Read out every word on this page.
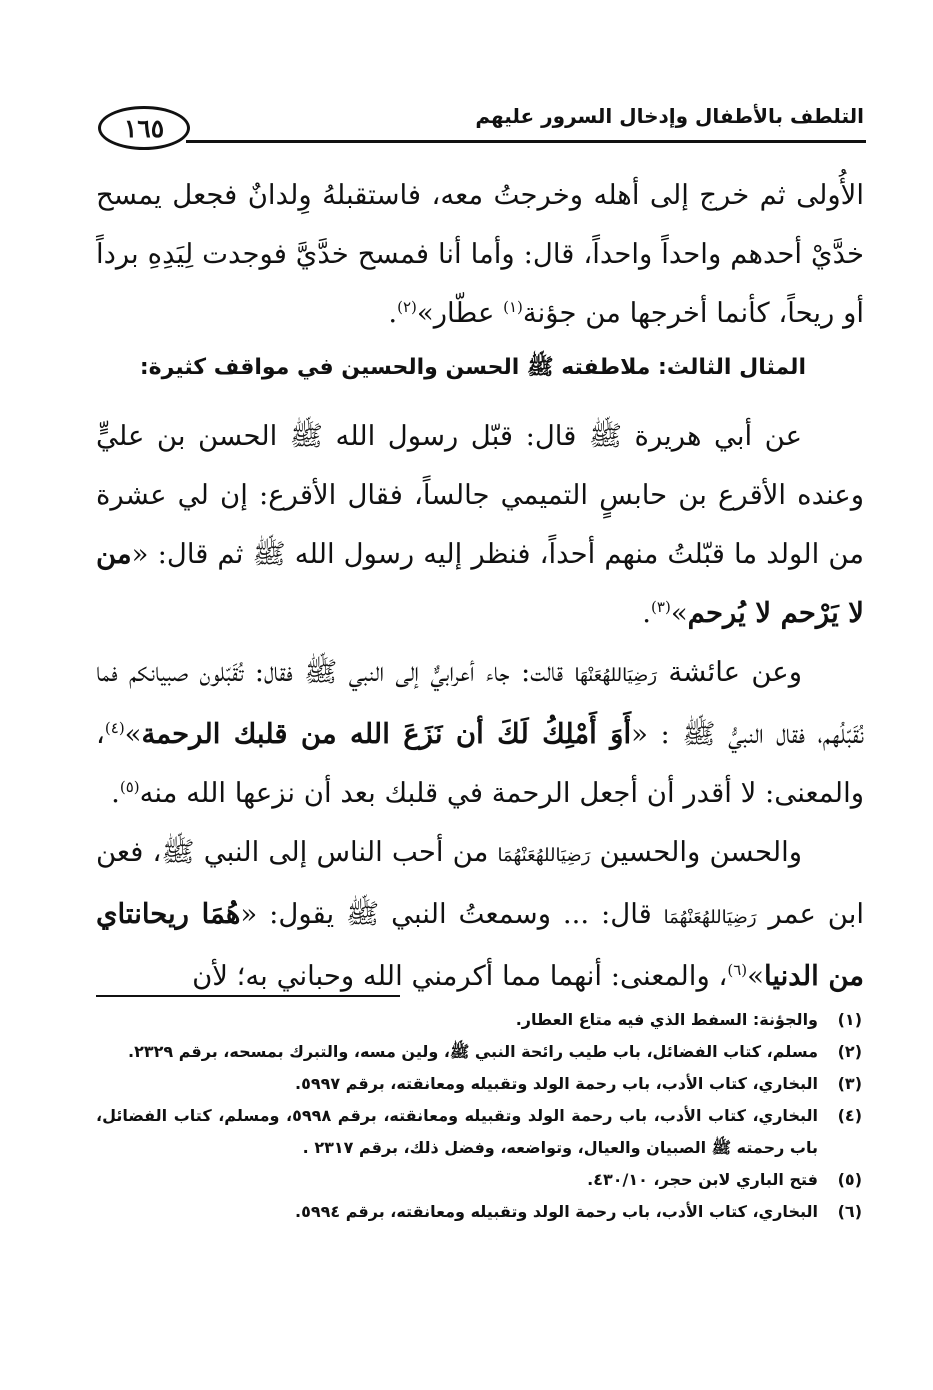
التلطف بالأطفال وإدخال السرور عليهم
١٦٥

الأُولى ثم خرج إلى أهله وخرجتُ معه، فاستقبلهُ وِلدانٌ فجعل يمسح خدَّيْ أحدهم واحداً واحداً، قال: وأما أنا فمسح خدَّيَّ فوجدت لِيَدِهِ برداً أو ريحاً، كأنما أخرجها من جؤنة$^{(١)}$ عطّار»$^{(٢)}$.

المثال الثالث: ملاطفته ﷺ الحسن والحسين في مواقف كثيرة:

عن أبي هريرة ﷺ قال: قبّل رسول الله ﷺ الحسن بن عليٍّ وعنده الأقرع بن حابسٍ التميمي جالساً، فقال الأقرع: إن لي عشرة من الولد ما قبّلتُ منهم أحداً، فنظر إليه رسول الله ﷺ ثم قال: «من لا يَرْحم لا يُرحم»$^{(٣)}$.

وعن عائشة رَضِيَاللهُعَنْهَا قالت: جاء أعرابيٌّ إلى النبي ﷺ فقال: تُقَبّلون صبيانكم فما نُقَبّلُهم، فقال النبيُّ ﷺ : «أَوَ أَمْلِكُ لَكَ أن نَزَعَ الله من قلبك الرحمة»$^{(٤)}$، والمعنى: لا أقدر أن أجعل الرحمة في قلبك بعد أن نزعها الله منه$^{(٥)}$.

والحسن والحسين رَضِيَاللهُعَنْهُمَا من أحب الناس إلى النبي ﷺ، فعن ابن عمر رَضِيَاللهُعَنْهُمَا قال: ... وسمعتُ النبي ﷺ يقول: «هُمَا ريحانتاي من الدنيا»$^{(٦)}$، والمعنى: أنهما مما أكرمني الله وحباني به؛ لأن

(١)
والجؤنة: السفط الذي فيه متاع العطار.
(٢)
مسلم، كتاب الفضائل، باب طيب رائحة النبي ﷺ، ولين مسه، والتبرك بمسحه، برقم ٢٣٢٩.
(٣)
البخاري، كتاب الأدب، باب رحمة الولد وتقبيله ومعانقته، برقم ٥٩٩٧.
(٤)
البخاري، كتاب الأدب، باب رحمة الولد وتقبيله ومعانقته، برقم ٥٩٩٨، ومسلم، كتاب الفضائل، باب رحمته ﷺ الصبيان والعيال، وتواضعه، وفضل ذلك، برقم ٢٣١٧ .
(٥)
فتح الباري لابن حجر، ٤٣٠/١٠.
(٦)
البخاري، كتاب الأدب، باب رحمة الولد وتقبيله ومعانقته، برقم ٥٩٩٤.
